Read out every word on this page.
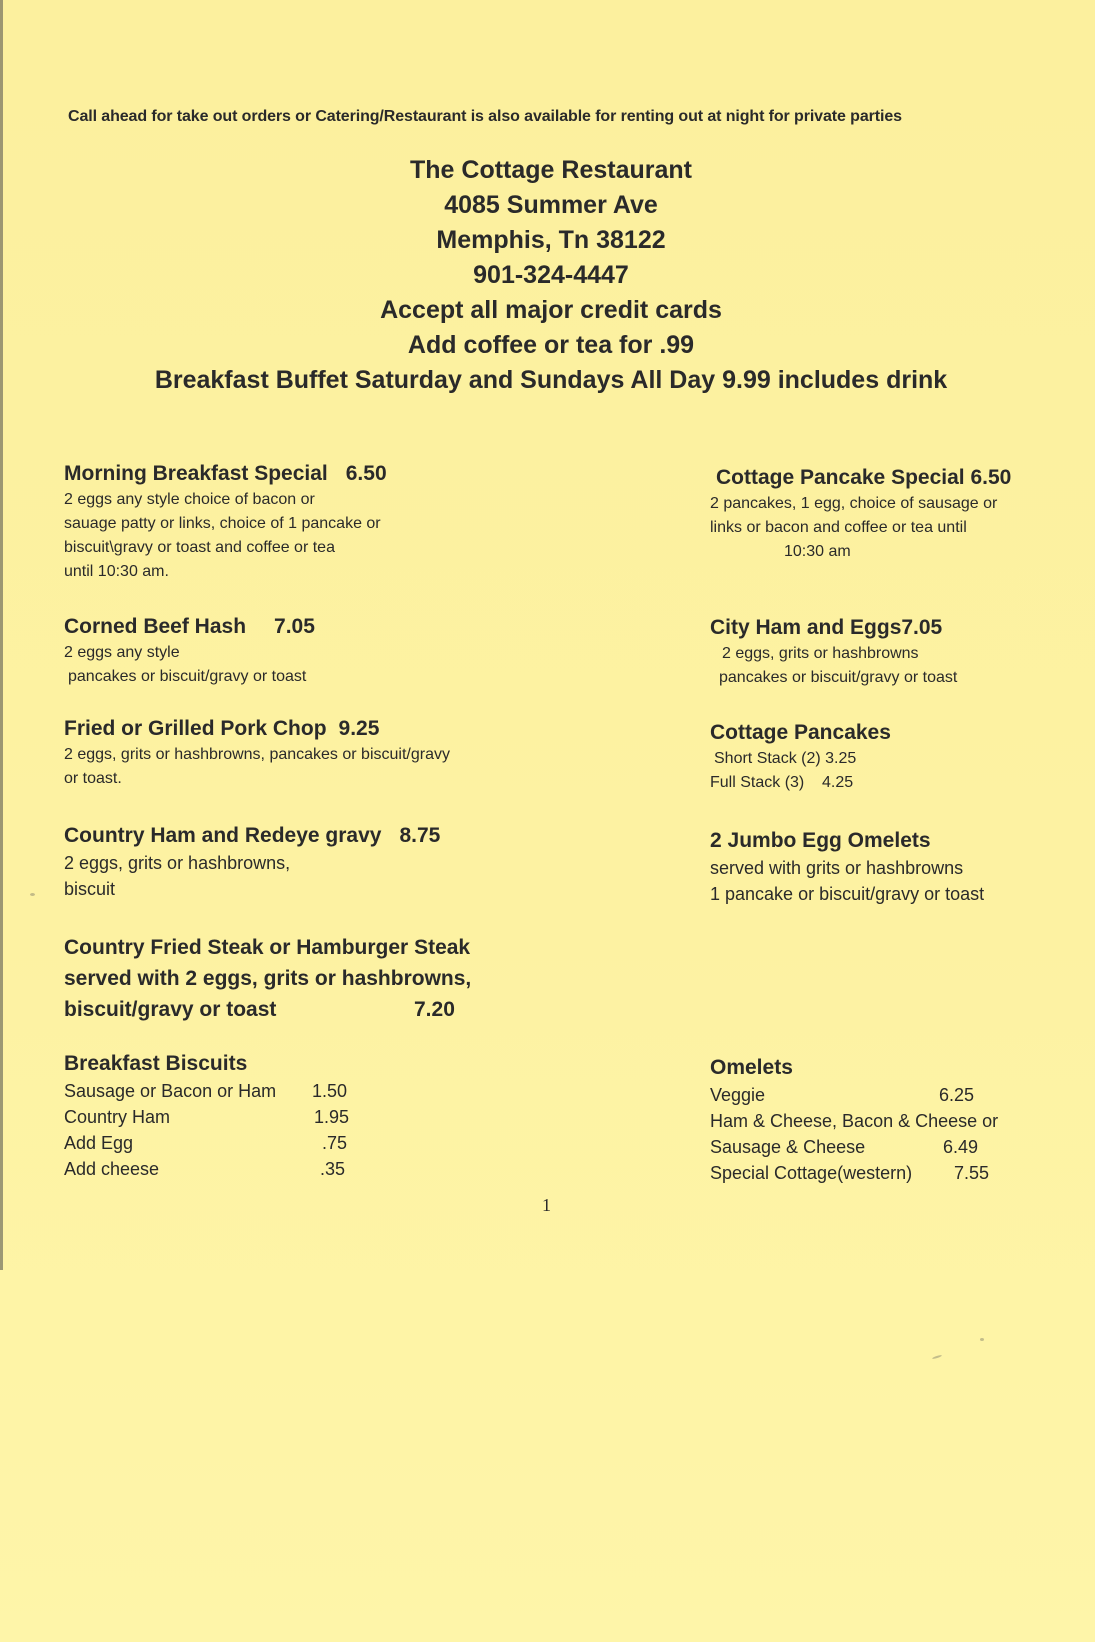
Call ahead for take out orders or Catering/Restaurant is also available for renting out at night for private parties
The Cottage Restaurant
4085 Summer Ave
Memphis, Tn 38122
901-324-4447
Accept all major credit cards
Add coffee or tea for .99
Breakfast Buffet Saturday and Sundays All Day 9.99 includes drink
Morning Breakfast Special 6.50
2 eggs any style choice of bacon or
sauage patty or links, choice of 1 pancake or
biscuit\gravy or toast and coffee or tea
until 10:30 am.
Corned Beef Hash 7.05
2 eggs any style
pancakes or biscuit/gravy or toast
Fried or Grilled Pork Chop 9.25
2 eggs, grits or hashbrowns, pancakes or biscuit/gravy
or toast.
Country Ham and Redeye gravy 8.75
2 eggs, grits or hashbrowns,
biscuit
Country Fried Steak or Hamburger Steak
served with 2 eggs, grits or hashbrowns,
biscuit/gravy or toast	7.20
Breakfast Biscuits
Sausage or Bacon or Ham 1.50
Country Ham	1.95
Add Egg	.75
Add cheese	.35
Cottage Pancake Special 6.50
2 pancakes, 1 egg, choice of sausage or
links or bacon and coffee or tea until
10:30 am
City Ham and Eggs7.05
2 eggs, grits or hashbrowns
pancakes or biscuit/gravy or toast
Cottage Pancakes
Short Stack (2) 3.25
Full Stack (3)    4.25
2 Jumbo Egg Omelets
served with grits or hashbrowns
1 pancake or biscuit/gravy or toast
Omelets
Veggie	6.25
Ham & Cheese, Bacon & Cheese or
Sausage & Cheese	6.49
Special Cottage(western) 7.55
1
